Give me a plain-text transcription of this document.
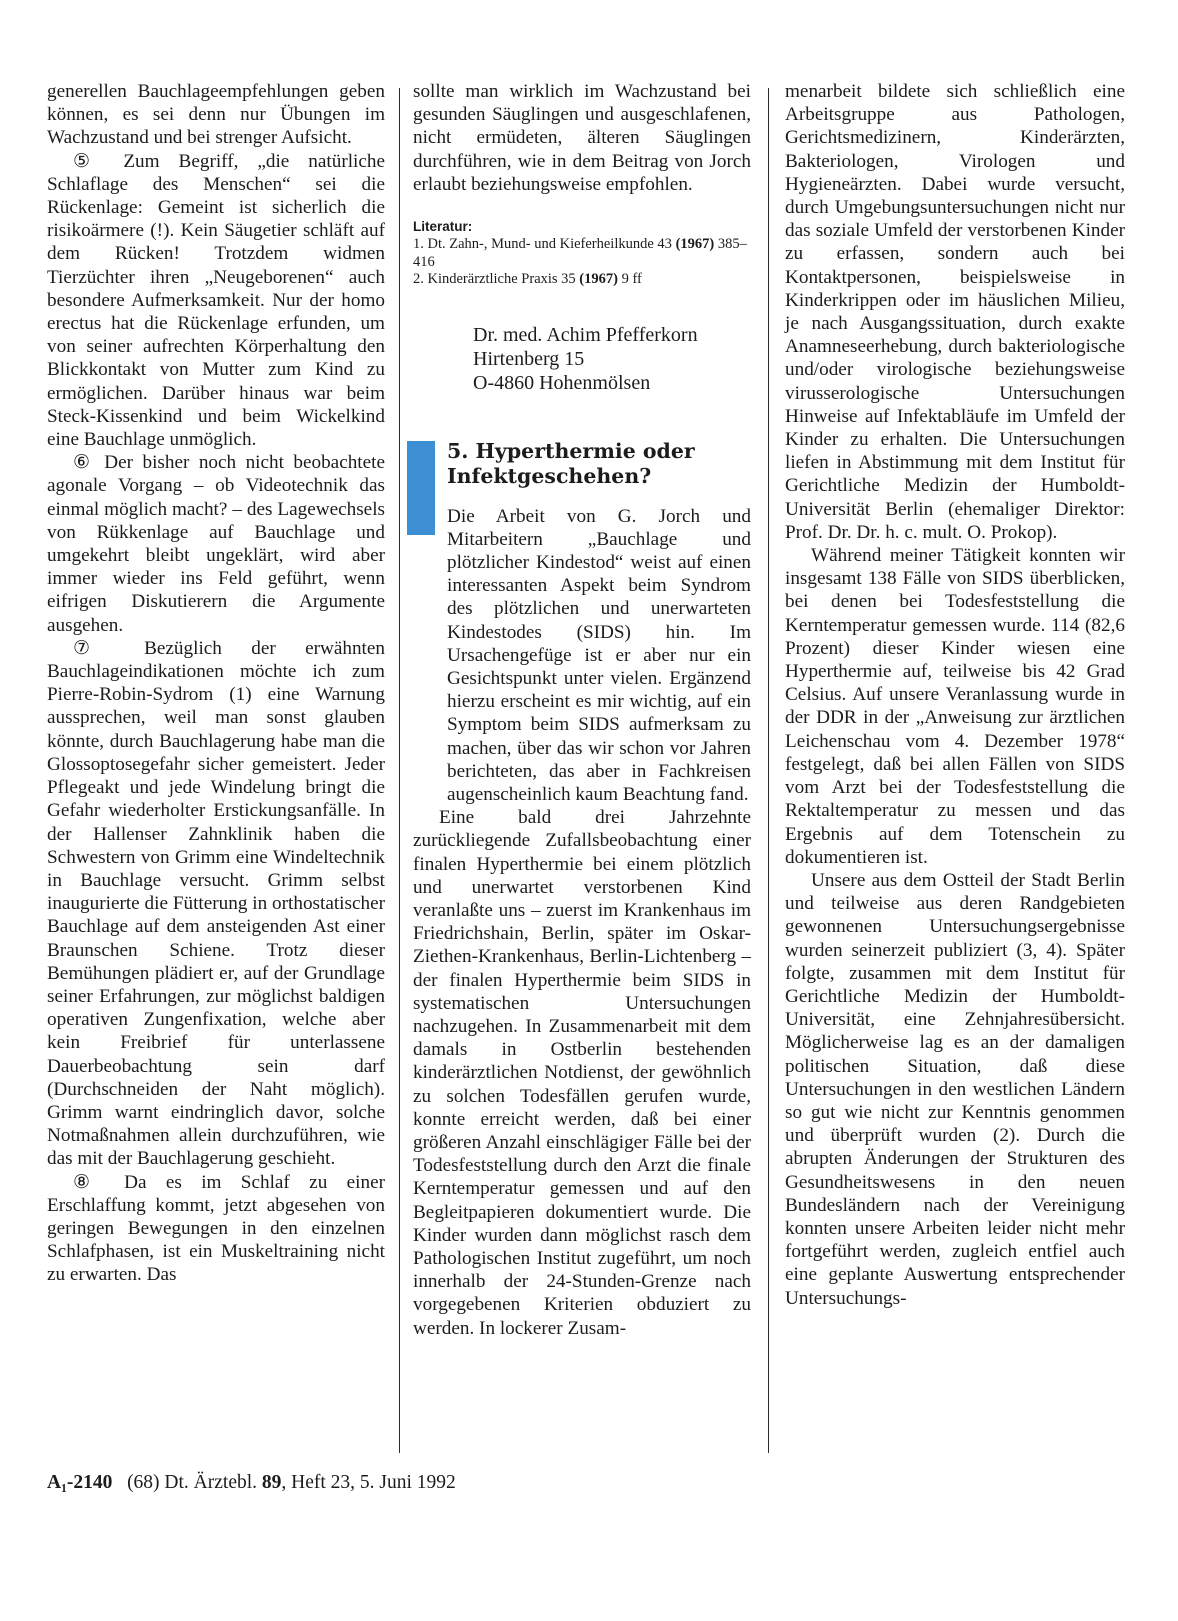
generellen Bauchlageempfehlungen geben können, es sei denn nur Übungen im Wachzustand und bei strenger Aufsicht.

⑤ Zum Begriff, „die natürliche Schlaflage des Menschen“ sei die Rückenlage: Gemeint ist sicherlich die risikoärmere (!). Kein Säugetier schläft auf dem Rücken! Trotzdem widmen Tierzüchter ihren „Neugeborenen“ auch besondere Aufmerksamkeit. Nur der homo erectus hat die Rückenlage erfunden, um von seiner aufrechten Körperhaltung den Blickkontakt von Mutter zum Kind zu ermöglichen. Darüber hinaus war beim Steck-Kissenkind und beim Wickelkind eine Bauchlage unmöglich.

⑥ Der bisher noch nicht beobachtete agonale Vorgang – ob Videotechnik das einmal möglich macht? – des Lagewechsels von Rükkenlage auf Bauchlage und umgekehrt bleibt ungeklärt, wird aber immer wieder ins Feld geführt, wenn eifrigen Diskutierern die Argumente ausgehen.

⑦ Bezüglich der erwähnten Bauchlageindikationen möchte ich zum Pierre-Robin-Sydrom (1) eine Warnung aussprechen, weil man sonst glauben könnte, durch Bauchlagerung habe man die Glossoptosegefahr sicher gemeistert. Jeder Pflegeakt und jede Windelung bringt die Gefahr wiederholter Erstickungsanfälle. In der Hallenser Zahnklinik haben die Schwestern von Grimm eine Windeltechnik in Bauchlage versucht. Grimm selbst inaugurierte die Fütterung in orthostatischer Bauchlage auf dem ansteigenden Ast einer Braunschen Schiene. Trotz dieser Bemühungen plädiert er, auf der Grundlage seiner Erfahrungen, zur möglichst baldigen operativen Zungenfixation, welche aber kein Freibrief für unterlassene Dauerbeobachtung sein darf (Durchschneiden der Naht möglich). Grimm warnt eindringlich davor, solche Notmaßnahmen allein durchzuführen, wie das mit der Bauchlagerung geschieht.

⑧ Da es im Schlaf zu einer Erschlaffung kommt, jetzt abgesehen von geringen Bewegungen in den einzelnen Schlafphasen, ist ein Muskeltraining nicht zu erwarten. Das

sollte man wirklich im Wachzustand bei gesunden Säuglingen und ausgeschlafenen, nicht ermüdeten, älteren Säuglingen durchführen, wie in dem Beitrag von Jorch erlaubt beziehungsweise empfohlen.

Literatur:
1. Dt. Zahn-, Mund- und Kieferheilkunde 43 (1967) 385–416
2. Kinderärztliche Praxis 35 (1967) 9 ff
Dr. med. Achim Pfefferkorn
Hirtenberg 15
O-4860 Hohenmölsen
5. Hyperthermie oder Infektgeschehen?

Die Arbeit von G. Jorch und Mitarbeitern „Bauchlage und plötzlicher Kindestod“ weist auf einen interessanten Aspekt beim Syndrom des plötzlichen und unerwarteten Kindestodes (SIDS) hin. Im Ursachengefüge ist er aber nur ein Gesichtspunkt unter vielen. Ergänzend hierzu erscheint es mir wichtig, auf ein Symptom beim SIDS aufmerksam zu machen, über das wir schon vor Jahren berichteten, das aber in Fachkreisen augenscheinlich kaum Beachtung fand.

Eine bald drei Jahrzehnte zurückliegende Zufallsbeobachtung einer finalen Hyperthermie bei einem plötzlich und unerwartet verstorbenen Kind veranlaßte uns – zuerst im Krankenhaus im Friedrichshain, Berlin, später im Oskar-Ziethen-Krankenhaus, Berlin-Lichtenberg – der finalen Hyperthermie beim SIDS in systematischen Untersuchungen nachzugehen. In Zusammenarbeit mit dem damals in Ostberlin bestehenden kinderärztlichen Notdienst, der gewöhnlich zu solchen Todesfällen gerufen wurde, konnte erreicht werden, daß bei einer größeren Anzahl einschlägiger Fälle bei der Todesfeststellung durch den Arzt die finale Kerntemperatur gemessen und auf den Begleitpapieren dokumentiert wurde. Die Kinder wurden dann möglichst rasch dem Pathologischen Institut zugeführt, um noch innerhalb der 24-Stunden-Grenze nach vorgegebenen Kriterien obduziert zu werden. In lockerer Zusam-

menarbeit bildete sich schließlich eine Arbeitsgruppe aus Pathologen, Gerichtsmedizinern, Kinderärzten, Bakteriologen, Virologen und Hygieneärzten. Dabei wurde versucht, durch Umgebungsuntersuchungen nicht nur das soziale Umfeld der verstorbenen Kinder zu erfassen, sondern auch bei Kontaktpersonen, beispielsweise in Kinderkrippen oder im häuslichen Milieu, je nach Ausgangssituation, durch exakte Anamneseerhebung, durch bakteriologische und/oder virologische beziehungsweise virusserologische Untersuchungen Hinweise auf Infektabläufe im Umfeld der Kinder zu erhalten. Die Untersuchungen liefen in Abstimmung mit dem Institut für Gerichtliche Medizin der Humboldt-Universität Berlin (ehemaliger Direktor: Prof. Dr. Dr. h. c. mult. O. Prokop).

Während meiner Tätigkeit konnten wir insgesamt 138 Fälle von SIDS überblicken, bei denen bei Todesfeststellung die Kerntemperatur gemessen wurde. 114 (82,6 Prozent) dieser Kinder wiesen eine Hyperthermie auf, teilweise bis 42 Grad Celsius. Auf unsere Veranlassung wurde in der DDR in der „Anweisung zur ärztlichen Leichenschau vom 4. Dezember 1978“ festgelegt, daß bei allen Fällen von SIDS vom Arzt bei der Todesfeststellung die Rektaltemperatur zu messen und das Ergebnis auf dem Totenschein zu dokumentieren ist.

Unsere aus dem Ostteil der Stadt Berlin und teilweise aus deren Randgebieten gewonnenen Untersuchungsergebnisse wurden seinerzeit publiziert (3, 4). Später folgte, zusammen mit dem Institut für Gerichtliche Medizin der Humboldt-Universität, eine Zehnjahresübersicht. Möglicherweise lag es an der damaligen politischen Situation, daß diese Untersuchungen in den westlichen Ländern so gut wie nicht zur Kenntnis genommen und überprüft wurden (2). Durch die abrupten Änderungen der Strukturen des Gesundheitswesens in den neuen Bundesländern nach der Vereinigung konnten unsere Arbeiten leider nicht mehr fortgeführt werden, zugleich entfiel auch eine geplante Auswertung entsprechender Untersuchungs-

A₁-2140 (68) Dt. Ärztebl. 89, Heft 23, 5. Juni 1992
